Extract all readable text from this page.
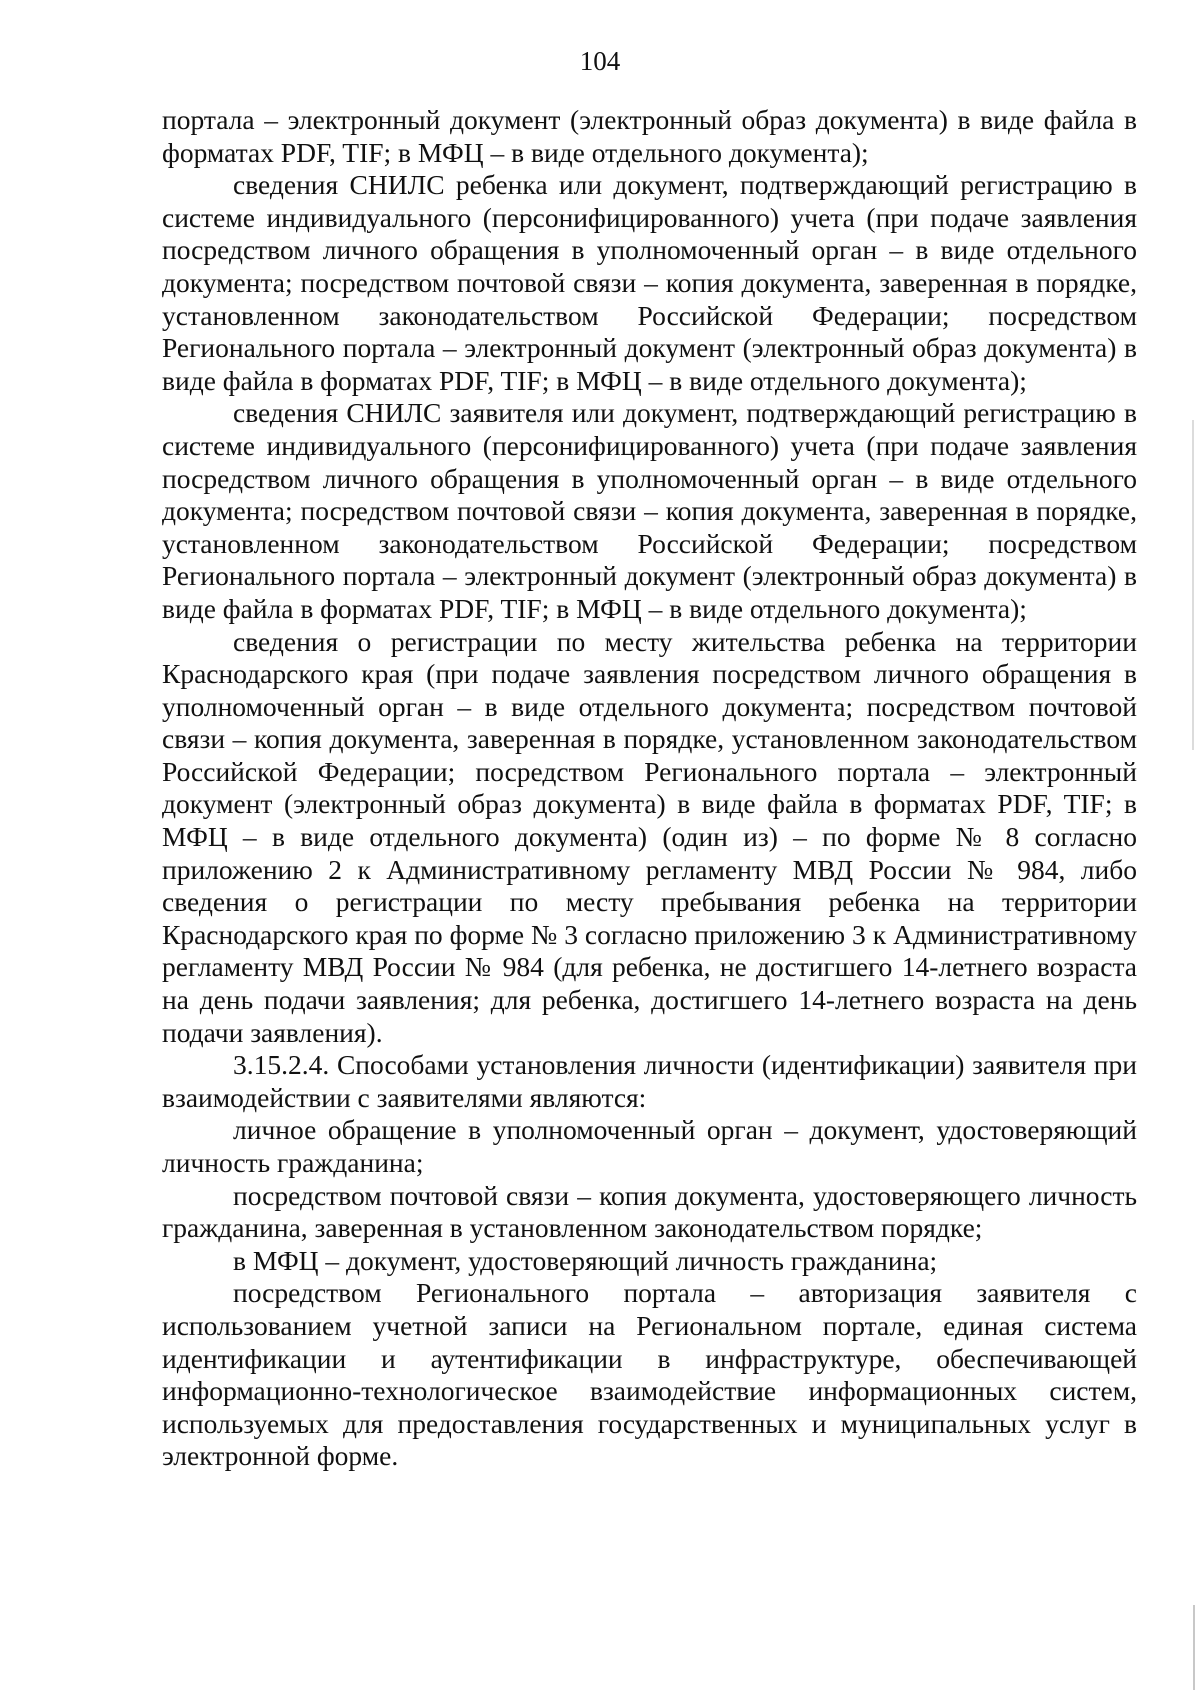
104

портала – электронный документ (электронный образ документа) в виде файла в форматах PDF, TIF; в МФЦ – в виде отдельного документа);

сведения СНИЛС ребенка или документ, подтверждающий регистрацию в системе индивидуального (персонифицированного) учета (при подаче заявления посредством личного обращения в уполномоченный орган – в виде отдельного документа; посредством почтовой связи – копия документа, заверенная в порядке, установленном законодательством Российской Федерации; посредством Регионального портала – электронный документ (электронный образ документа) в виде файла в форматах PDF, TIF; в МФЦ – в виде отдельного документа);

сведения СНИЛС заявителя или документ, подтверждающий регистрацию в системе индивидуального (персонифицированного) учета (при подаче заявления посредством личного обращения в уполномоченный орган – в виде отдельного документа; посредством почтовой связи – копия документа, заверенная в порядке, установленном законодательством Российской Федерации; посредством Регионального портала – электронный документ (электронный образ документа) в виде файла в форматах PDF, TIF; в МФЦ – в виде отдельного документа);

сведения о регистрации по месту жительства ребенка на территории Краснодарского края (при подаче заявления посредством личного обращения в уполномоченный орган – в виде отдельного документа; посредством почтовой связи – копия документа, заверенная в порядке, установленном законодательством Российской Федерации; посредством Регионального портала – электронный документ (электронный образ документа) в виде файла в форматах PDF, TIF; в МФЦ – в виде отдельного документа) (один из) – по форме № 8 согласно приложению 2 к Административному регламенту МВД России № 984, либо сведения о регистрации по месту пребывания ребенка на территории Краснодарского края по форме № 3 согласно приложению 3 к Административному регламенту МВД России № 984 (для ребенка, не достигшего 14-летнего возраста на день подачи заявления; для ребенка, достигшего 14-летнего возраста на день подачи заявления).

3.15.2.4. Способами установления личности (идентификации) заявителя при взаимодействии с заявителями являются:

личное обращение в уполномоченный орган – документ, удостоверяющий личность гражданина;

посредством почтовой связи – копия документа, удостоверяющего личность гражданина, заверенная в установленном законодательством порядке;

в МФЦ – документ, удостоверяющий личность гражданина;

посредством Регионального портала – авторизация заявителя с использованием учетной записи на Региональном портале, единая система идентификации и аутентификации в инфраструктуре, обеспечивающей информационно-технологическое взаимодействие информационных систем, используемых для предоставления государственных и муниципальных услуг в электронной форме.
